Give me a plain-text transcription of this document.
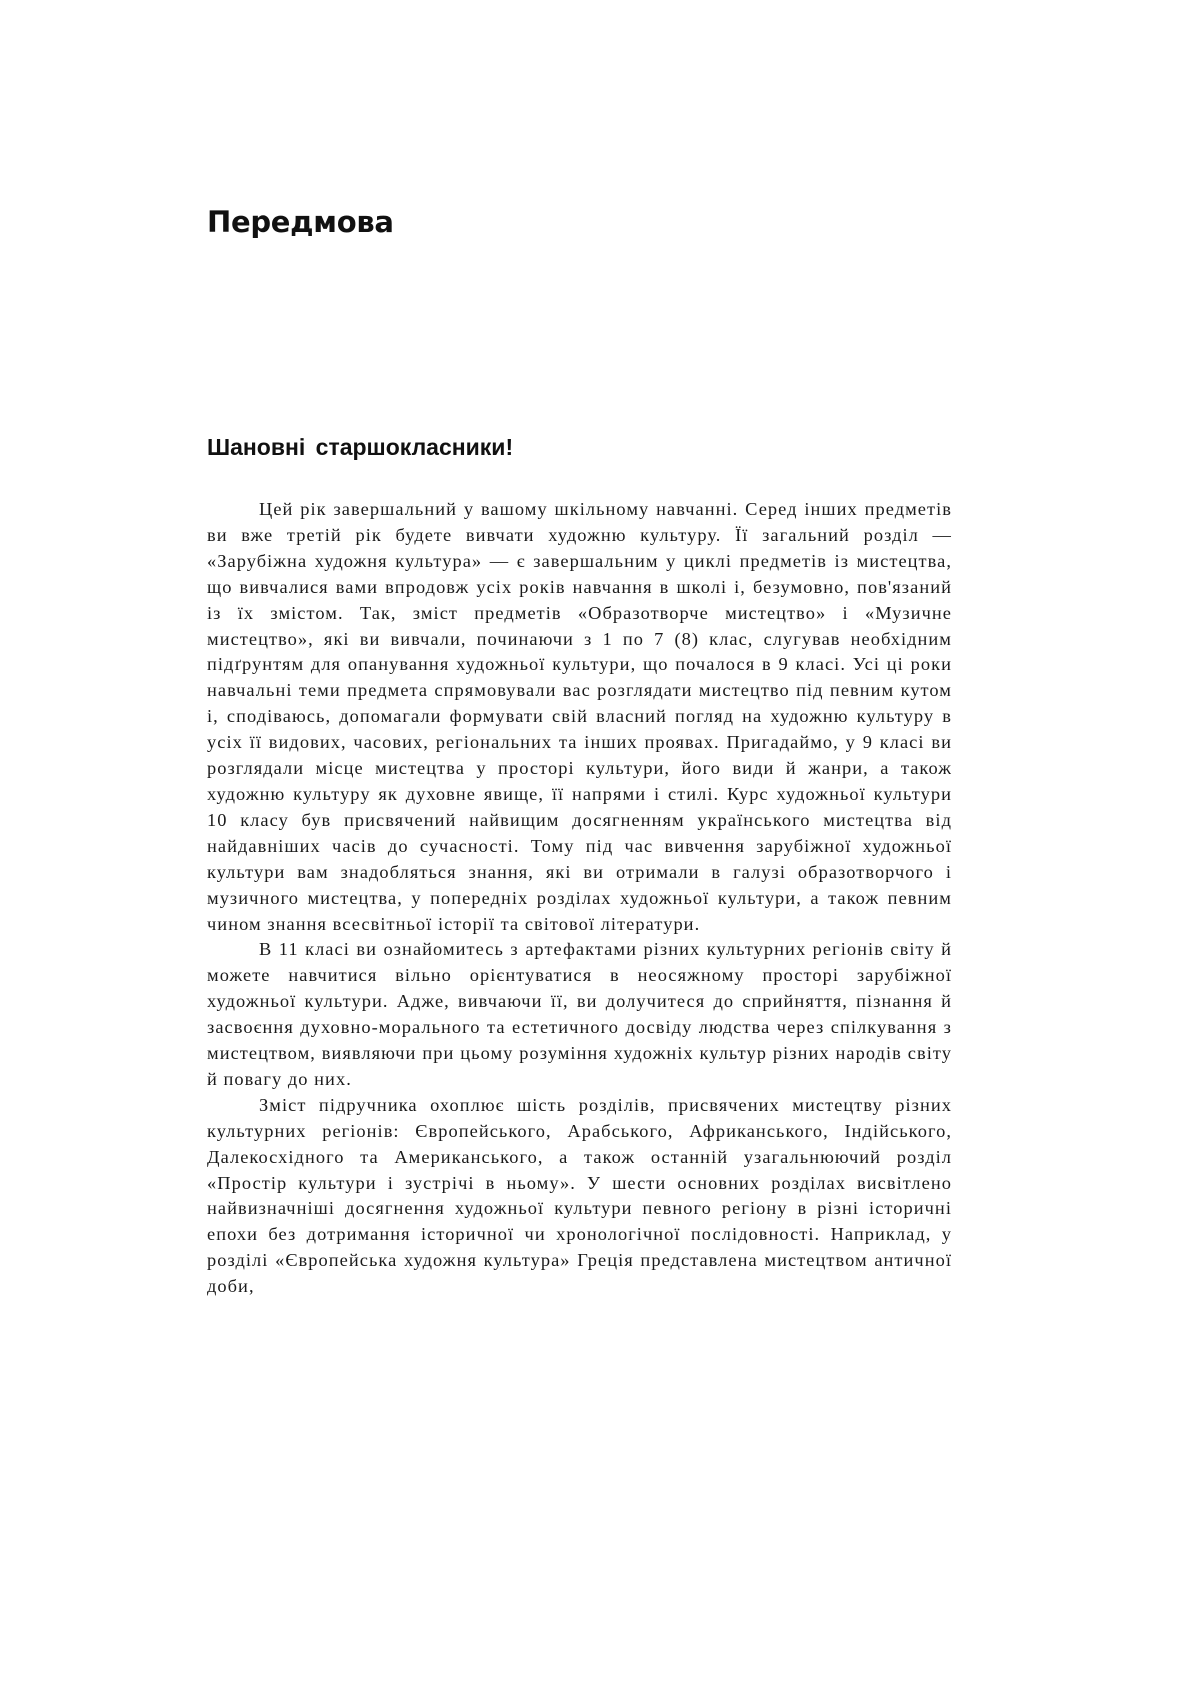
Передмова
Шановні старшокласники!

Цей рік завершальний у вашому шкільному навчанні. Серед інших предметів ви вже третій рік будете вивчати художню культуру. Її загальний розділ — «Зарубіжна художня культура» — є завершальним у циклі предметів із мистецтва, що вивчалися вами впродовж усіх років навчання в школі і, безумовно, пов'язаний із їх змістом. Так, зміст предметів «Образотворче мистецтво» і «Музичне мистецтво», які ви вивчали, починаючи з 1 по 7 (8) клас, слугував необхідним підґрунтям для опанування художньої культури, що почалося в 9 класі. Усі ці роки навчальні теми предмета спрямовували вас розглядати мистецтво під певним кутом і, сподіваюсь, допомагали формувати свій власний погляд на художню культуру в усіх її видових, часових, регіональних та інших проявах. Пригадаймо, у 9 класі ви розглядали місце мистецтва у просторі культури, його види й жанри, а також художню культуру як духовне явище, її напрями і стилі. Курс художньої культури 10 класу був присвячений найвищим досягненням українського мистецтва від найдавніших часів до сучасності. Тому під час вивчення зарубіжної художньої культури вам знадобляться знання, які ви отримали в галузі образотворчого і музичного мистецтва, у попередніх розділах художньої культури, а також певним чином знання всесвітньої історії та світової літератури.

В 11 класі ви ознайомитесь з артефактами різних культурних регіонів світу й можете навчитися вільно орієнтуватися в неосяжному просторі зарубіжної художньої культури. Адже, вивчаючи її, ви долучитеся до сприйняття, пізнання й засвоєння духовно-морального та естетичного досвіду людства через спілкування з мистецтвом, виявляючи при цьому розуміння художніх культур різних народів світу й повагу до них.

Зміст підручника охоплює шість розділів, присвячених мистецтву різних культурних регіонів: Європейського, Арабського, Африканського, Індійського, Далекосхідного та Американського, а також останній узагальнюючий розділ «Простір культури і зустрічі в ньому». У шести основних розділах висвітлено найвизначніші досягнення художньої культури певного регіону в різні історичні епохи без дотримання історичної чи хронологічної послідовності. Наприклад, у розділі «Європейська художня культура» Греція представлена мистецтвом античної доби,
